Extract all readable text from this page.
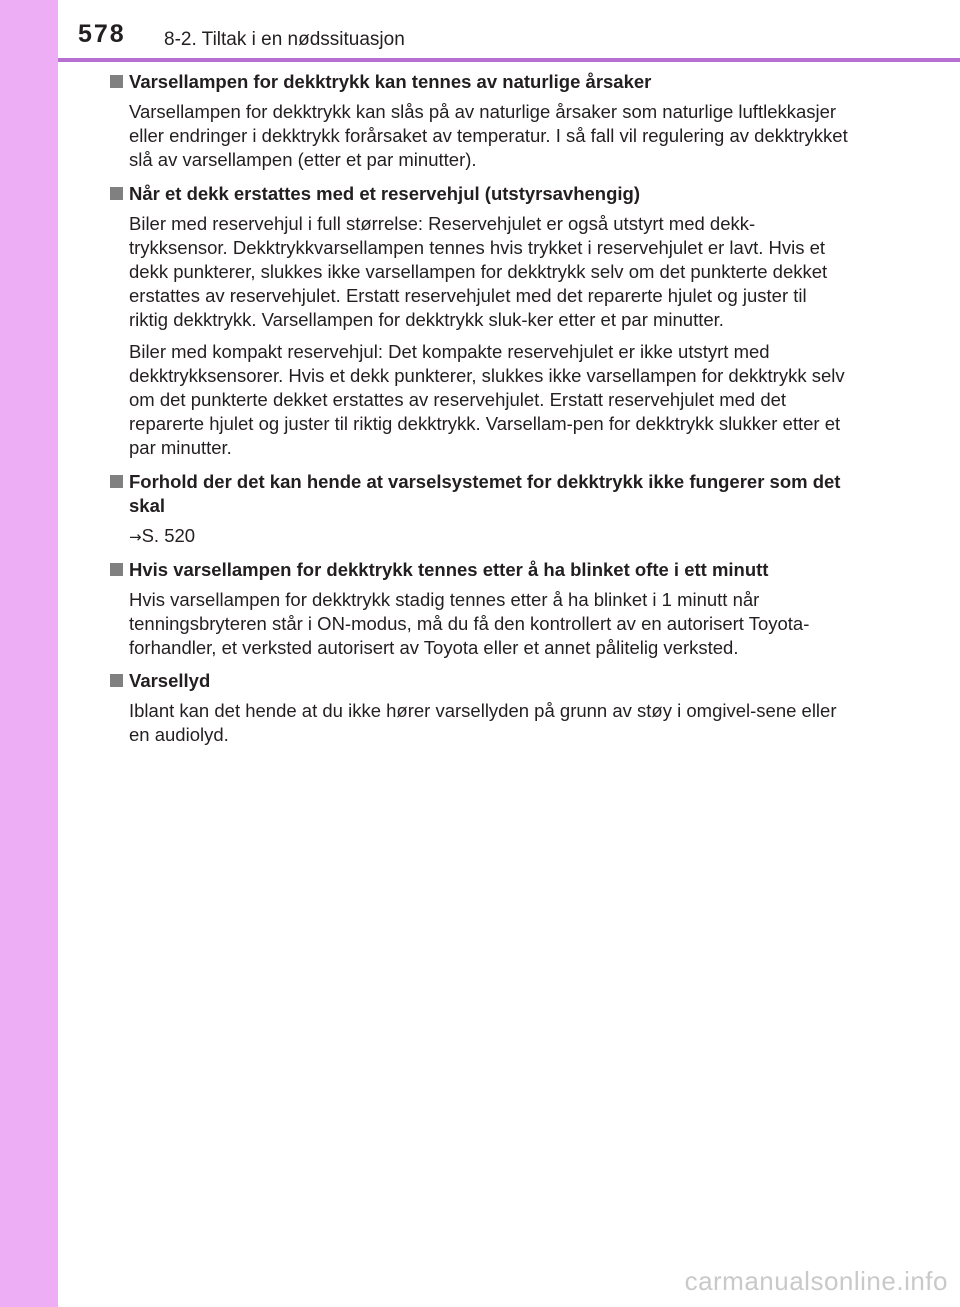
578 8-2. Tiltak i en nødssituasjon
Varsellampen for dekktrykk kan tennes av naturlige årsaker
Varsellampen for dekktrykk kan slås på av naturlige årsaker som naturlige luftlekkasjer eller endringer i dekktrykk forårsaket av temperatur. I så fall vil regulering av dekktrykket slå av varsellampen (etter et par minutter).
Når et dekk erstattes med et reservehjul (utstyrsavhengig)
Biler med reservehjul i full størrelse: Reservehjulet er også utstyrt med dekk-trykksensor. Dekktrykkvarsellampen tennes hvis trykket i reservehjulet er lavt. Hvis et dekk punkterer, slukkes ikke varsellampen for dekktrykk selv om det punkterte dekket erstattes av reservehjulet. Erstatt reservehjulet med det reparerte hjulet og juster til riktig dekktrykk. Varsellampen for dekktrykk sluk-ker etter et par minutter.
Biler med kompakt reservehjul: Det kompakte reservehjulet er ikke utstyrt med dekktrykksensorer. Hvis et dekk punkterer, slukkes ikke varsellampen for dekktrykk selv om det punkterte dekket erstattes av reservehjulet. Erstatt reservehjulet med det reparerte hjulet og juster til riktig dekktrykk. Varsellam-pen for dekktrykk slukker etter et par minutter.
Forhold der det kan hende at varselsystemet for dekktrykk ikke fungerer som det skal
→S. 520
Hvis varsellampen for dekktrykk tennes etter å ha blinket ofte i ett minutt
Hvis varsellampen for dekktrykk stadig tennes etter å ha blinket i 1 minutt når tenningsbryteren står i ON-modus, må du få den kontrollert av en autorisert Toyota-forhandler, et verksted autorisert av Toyota eller et annet pålitelig verksted.
Varsellyd
Iblant kan det hende at du ikke hører varsellyden på grunn av støy i omgivel-sene eller en audiolyd.
carmanualsonline.info
